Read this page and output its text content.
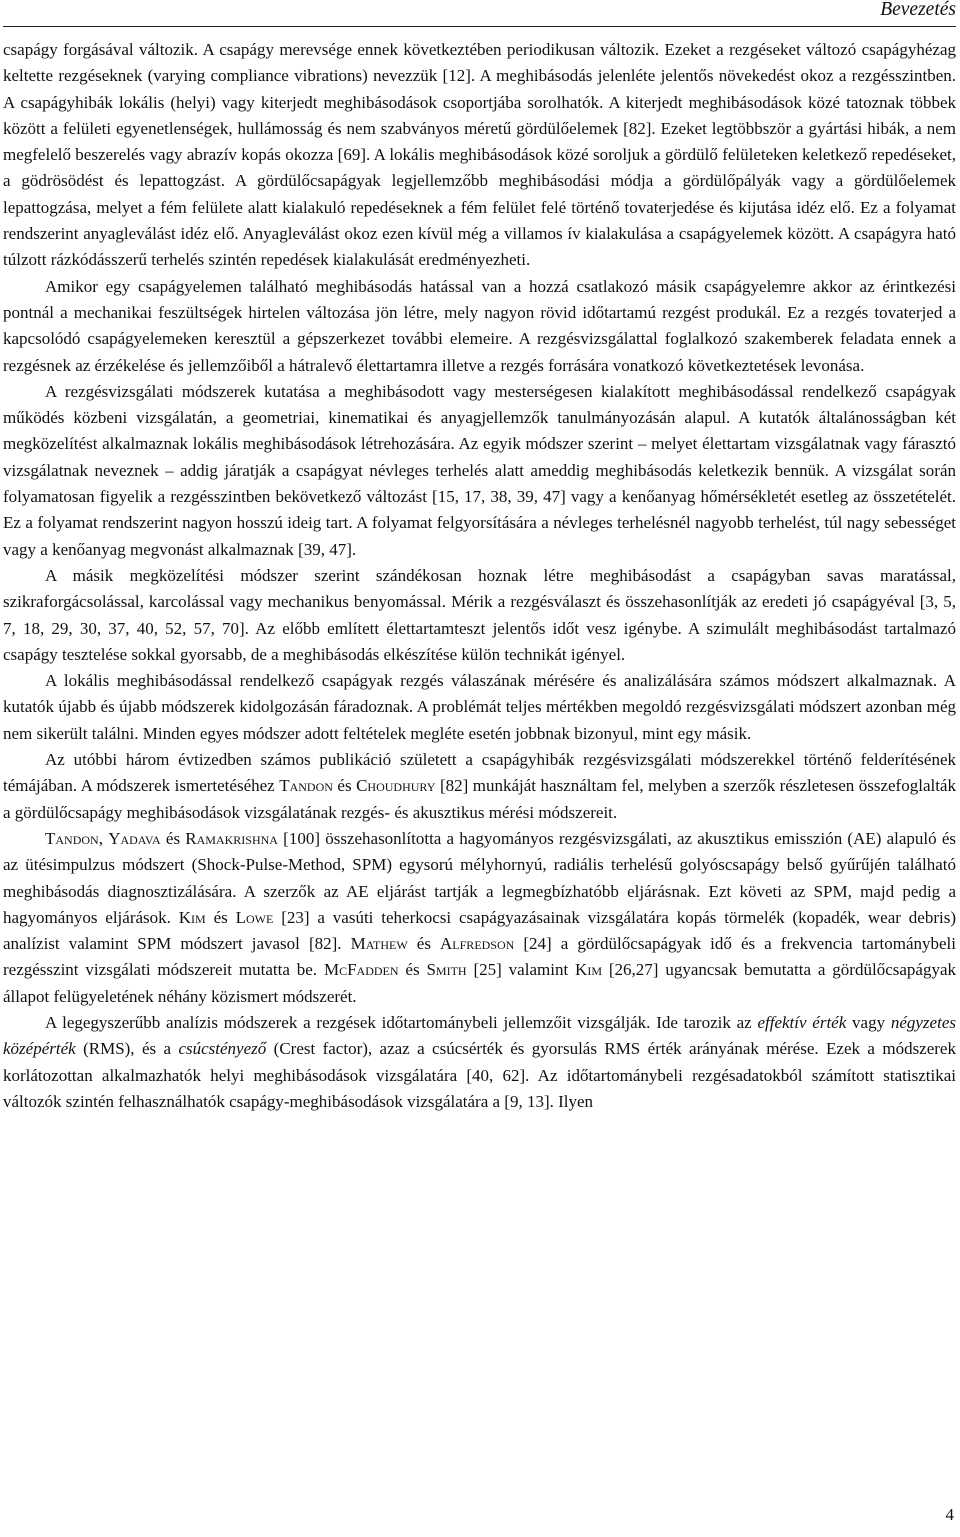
Bevezetés

csapágy forgásával változik. A csapágy merevsége ennek következtében periodikusan változik. Ezeket a rezgéseket változó csapágyhézag keltette rezgéseknek (varying compliance vibrations) nevezzük [12]. A meghibásodás jelenléte jelentős növekedést okoz a rezgésszintben. A csapágyhibák lokális (helyi) vagy kiterjedt meghibásodások csoportjába sorolhatók. A kiterjedt meghibásodások közé tatoznak többek között a felületi egyenetlenségek, hullámosság és nem szabványos méretű gördülőelemek [82]. Ezeket legtöbbször a gyártási hibák, a nem megfelelő beszerelés vagy abrazív kopás okozza [69]. A lokális meghibásodások közé soroljuk a gördülő felületeken keletkező repedéseket, a gödrösödést és lepattogzást. A gördülőcsapágyak legjellemzőbb meghibásodási módja a gördülőpályák vagy a gördülőelemek lepattogzása, melyet a fém felülete alatt kialakuló repedéseknek a fém felület felé történő tovaterjedése és kijutása idéz elő. Ez a folyamat rendszerint anyagleválást idéz elő. Anyagleválást okoz ezen kívül még a villamos ív kialakulása a csapágyelemek között. A csapágyra ható túlzott rázkódásszerű terhelés szintén repedések kialakulását eredményezheti.

Amikor egy csapágyelemen található meghibásodás hatással van a hozzá csatlakozó másik csapágyelemre akkor az érintkezési pontnál a mechanikai feszültségek hirtelen változása jön létre, mely nagyon rövid időtartamú rezgést produkál. Ez a rezgés tovaterjed a kapcsolódó csapágyelemeken keresztül a gépszerkezet további elemeire. A rezgésvizsgálattal foglalkozó szakemberek feladata ennek a rezgésnek az érzékelése és jellemzőiből a hátralevő élettartamra illetve a rezgés forrására vonatkozó következtetések levonása.

A rezgésvizsgálati módszerek kutatása a meghibásodott vagy mesterségesen kialakított meghibásodással rendelkező csapágyak működés közbeni vizsgálatán, a geometriai, kinematikai és anyagjellemzők tanulmányozásán alapul. A kutatók általánosságban két megközelítést alkalmaznak lokális meghibásodások létrehozására. Az egyik módszer szerint – melyet élettartam vizsgálatnak vagy fárasztó vizsgálatnak neveznek – addig járatják a csapágyat névleges terhelés alatt ameddig meghibásodás keletkezik bennük. A vizsgálat során folyamatosan figyelik a rezgésszintben bekövetkező változást [15, 17, 38, 39, 47] vagy a kenőanyag hőmérsékletét esetleg az összetételét. Ez a folyamat rendszerint nagyon hosszú ideig tart. A folyamat felgyorsítására a névleges terhelésnél nagyobb terhelést, túl nagy sebességet vagy a kenőanyag megvonást alkalmaznak [39, 47].

A másik megközelítési módszer szerint szándékosan hoznak létre meghibásodást a csapágyban savas maratással, szikraforgácsolással, karcolással vagy mechanikus benyomással. Mérik a rezgésválaszt és összehasonlítják az eredeti jó csapágyéval [3, 5, 7, 18, 29, 30, 37, 40, 52, 57, 70]. Az előbb említett élettartamteszt jelentős időt vesz igénybe. A szimulált meghibásodást tartalmazó csapágy tesztelése sokkal gyorsabb, de a meghibásodás elkészítése külön technikát igényel.

A lokális meghibásodással rendelkező csapágyak rezgés válaszának mérésére és analizálására számos módszert alkalmaznak. A kutatók újabb és újabb módszerek kidolgozásán fáradoznak. A problémát teljes mértékben megoldó rezgésvizsgálati módszert azonban még nem sikerült találni. Minden egyes módszer adott feltételek megléte esetén jobbnak bizonyul, mint egy másik.

Az utóbbi három évtizedben számos publikáció született a csapágyhibák rezgésvizsgálati módszerekkel történő felderítésének témájában. A módszerek ismertetéséhez Tandon és Choudhury [82] munkáját használtam fel, melyben a szerzők részletesen összefoglalták a gördülőcsapágy meghibásodások vizsgálatának rezgés- és akusztikus mérési módszereit.

Tandon, Yadava és Ramakrishna [100] összehasonlította a hagyományos rezgésvizsgálati, az akusztikus emisszión (AE) alapuló és az ütésimpulzus módszert (Shock-Pulse-Method, SPM) egysorú mélyhornyú, radiális terhelésű golyóscsapágy belső gyűrűjén található meghibásodás diagnosztizálására. A szerzők az AE eljárást tartják a legmegbízhatóbb eljárásnak. Ezt követi az SPM, majd pedig a hagyományos eljárások. Kim és Lowe [23] a vasúti teherkocsi csapágyazásainak vizsgálatára kopás törmelék (kopadék, wear debris) analízist valamint SPM módszert javasol [82]. Mathew és Alfredson [24] a gördülőcsapágyak idő és a frekvencia tartománybeli rezgésszint vizsgálati módszereit mutatta be. McFadden és Smith [25] valamint Kim [26,27] ugyancsak bemutatta a gördülőcsapágyak állapot felügyeletének néhány közismert módszerét.

A legegyszerűbb analízis módszerek a rezgések időtartománybeli jellemzőit vizsgálják. Ide tarozik az effektív érték vagy négyzetes középérték (RMS), és a csúcstényező (Crest factor), azaz a csúcsérték és gyorsulás RMS érték arányának mérése. Ezek a módszerek korlátozottan alkalmazhatók helyi meghibásodások vizsgálatára [40, 62]. Az időtartománybeli rezgésadatokból számított statisztikai változók szintén felhasználhatók csapágy-meghibásodások vizsgálatára a [9, 13]. Ilyen

4
